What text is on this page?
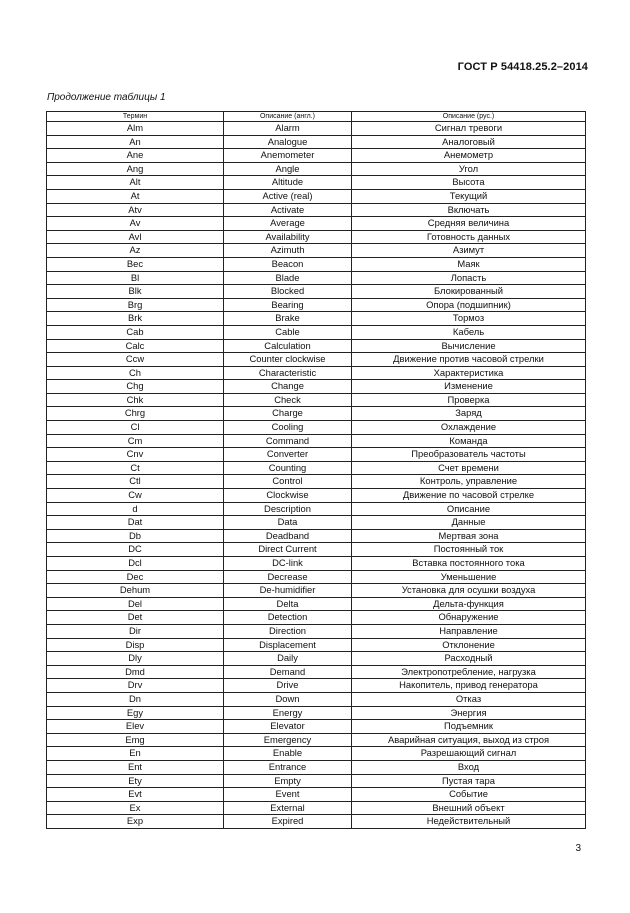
ГОСТ Р 54418.25.2–2014
Продолжение таблицы 1
Термин	Описание (англ.)	Описание (рус.)
Alm	Alarm	Сигнал тревоги
An	Analogue	Аналоговый
Ane	Anemometer	Анемометр
Ang	Angle	Угол
Alt	Altitude	Высота
At	Active (real)	Текущий
Atv	Activate	Включать
Av	Average	Средняя величина
Avl	Availability	Готовность данных
Az	Azimuth	Азимут
Bec	Beacon	Маяк
Bl	Blade	Лопасть
Blk	Blocked	Блокированный
Brg	Bearing	Опора (подшипник)
Brk	Brake	Тормоз
Cab	Cable	Кабель
Calc	Calculation	Вычисление
Ccw	Counter clockwise	Движение против часовой стрелки
Ch	Characteristic	Характеристика
Chg	Change	Изменение
Chk	Check	Проверка
Chrg	Charge	Заряд
Cl	Cooling	Охлаждение
Cm	Command	Команда
Cnv	Converter	Преобразователь частоты
Ct	Counting	Счет времени
Ctl	Control	Контроль, управление
Cw	Clockwise	Движение по часовой стрелке
d	Description	Описание
Dat	Data	Данные
Db	Deadband	Мертвая зона
DC	Direct Current	Постоянный ток
Dcl	DC-link	Вставка постоянного тока
Dec	Decrease	Уменьшение
Dehum	De-humidifier	Установка для осушки воздуха
Del	Delta	Дельта-функция
Det	Detection	Обнаружение
Dir	Direction	Направление
Disp	Displacement	Отклонение
Dly	Daily	Расходный
Dmd	Demand	Электропотребление, нагрузка
Drv	Drive	Накопитель, привод генератора
Dn	Down	Отказ
Egy	Energy	Энергия
Elev	Elevator	Подъемник
Emg	Emergency	Аварийная ситуация, выход из строя
En	Enable	Разрешающий сигнал
Ent	Entrance	Вход
Ety	Empty	Пустая тара
Evt	Event	Событие
Ex	External	Внешний объект
Exp	Expired	Недействительный
3
